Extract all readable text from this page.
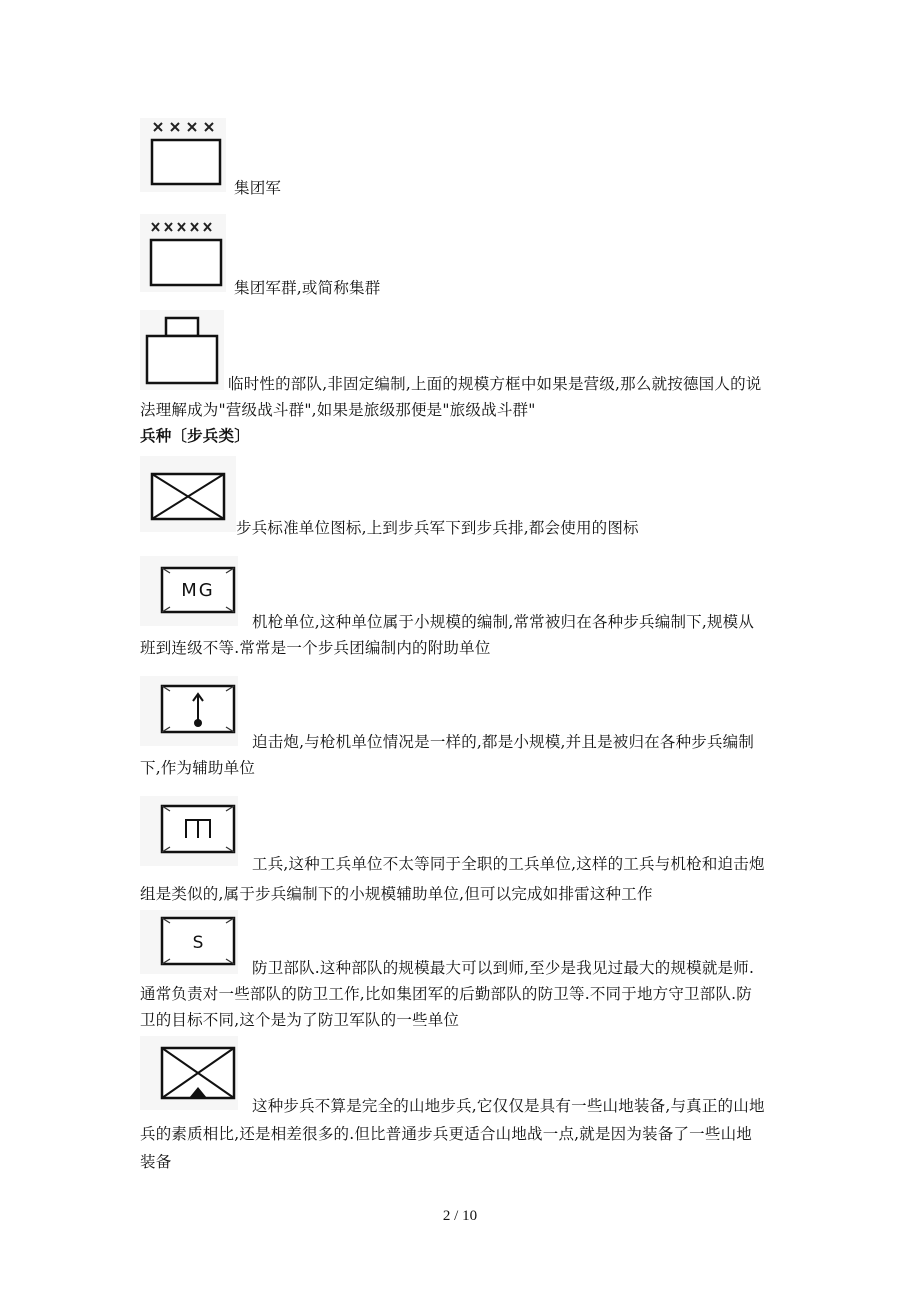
集团军
集团军群,或简称集群
临时性的部队,非固定编制,上面的规模方框中如果是营级,那么就按德国人的说
法理解成为"营级战斗群",如果是旅级那便是"旅级战斗群"
兵种〔步兵类〕
步兵标准单位图标,上到步兵军下到步兵排,都会使用的图标
MG
机枪单位,这种单位属于小规模的编制,常常被归在各种步兵编制下,规模从
班到连级不等.常常是一个步兵团编制内的附助单位
迫击炮,与枪机单位情况是一样的,都是小规模,并且是被归在各种步兵编制
下,作为辅助单位
工兵,这种工兵单位不太等同于全职的工兵单位,这样的工兵与机枪和迫击炮
组是类似的,属于步兵编制下的小规模辅助单位,但可以完成如排雷这种工作
S
防卫部队.这种部队的规模最大可以到师,至少是我见过最大的规模就是师.
通常负责对一些部队的防卫工作,比如集团军的后勤部队的防卫等.不同于地方守卫部队.防
卫的目标不同,这个是为了防卫军队的一些单位
这种步兵不算是完全的山地步兵,它仅仅是具有一些山地装备,与真正的山地
兵的素质相比,还是相差很多的.但比普通步兵更适合山地战一点,就是因为装备了一些山地
装备
2 / 10
